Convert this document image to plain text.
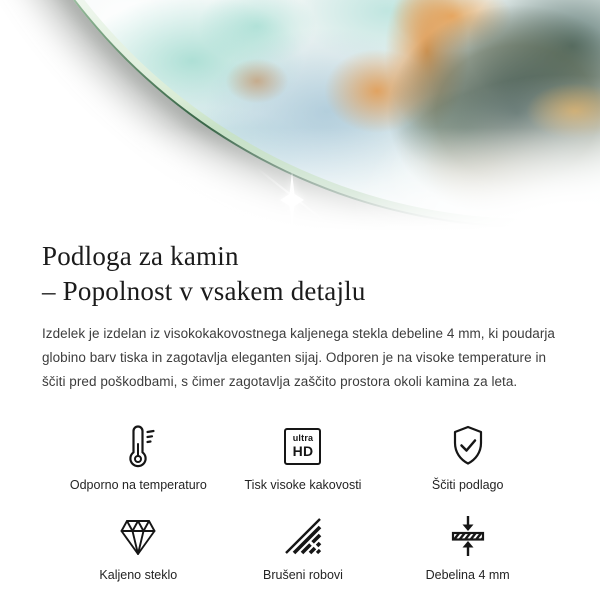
Podloga za kamin
– Popolnost v vsakem detajlu

Izdelek je izdelan iz visokokakovostnega kaljenega stekla debeline 4 mm, ki poudarja globino barv tiska in zagotavlja eleganten sijaj. Odporen je na visoke temperature in ščiti pred poškodbami, s čimer zagotavlja zaščito prostora okoli kamina za leta.

Odporno na temperaturo
ultra
HD
Tisk visoke kakovosti	Ščiti podlago
Kaljeno steklo	Brušeni robovi	Debelina 4 mm
